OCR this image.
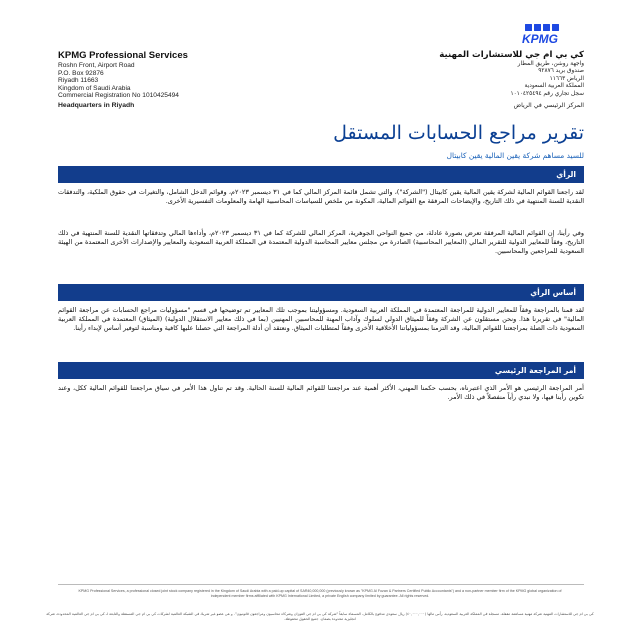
KPMG
KPMG Professional Services
Roshn Front, Airport Road
P.O. Box 92876
Riyadh 11663
Kingdom of Saudi Arabia
Commercial Registration No 1010425494
Headquarters in Riyadh
كي بي ام جي للاستشارات المهنية
واجهة روشن، طريق المطار
صندوق بريد ٩٢٨٧٦
الرياض ١١٦٦٣
المملكة العربية السعودية
سجل تجاري رقم ١٠١٠٤٢٥٤٩٤
المركز الرئيسي في الرياض
تقرير مراجع الحسابات المستقل
للسيد مساهم شركة يقين المالية يقين كابيتال
الرأي

لقد راجعنا القوائم المالية لشركة يقين المالية يقين كابيتال ("الشركة")، والتي تشمل قائمة المركز المالي كما في ٣١ ديسمبر ٢٠٢٣م، وقوائم الدخل الشامل، والتغيرات في حقوق الملكية، والتدفقات النقدية للسنة المنتهية في ذلك التاريخ، والإيضاحات المرفقة مع القوائم المالية، المكونة من ملخص للسياسات المحاسبية الهامة والمعلومات التفسيرية الأخرى.

وفي رأينا، إن القوائم المالية المرفقة تعرض بصورة عادلة، من جميع النواحي الجوهرية، المركز المالي للشركة كما في ٣١ ديسمبر ٢٠٢٣م، وأداءها المالي وتدفقاتها النقدية للسنة المنتهية في ذلك التاريخ، وفقاً للمعايير الدولية للتقرير المالي (المعايير المحاسبية) الصادرة من مجلس معايير المحاسبة الدولية المعتمدة في المملكة العربية السعودية والمعايير والإصدارات الأخرى المعتمدة من الهيئة السعودية للمراجعين والمحاسبين.

أساس الرأي

لقد قمنا بالمراجعة وفقاً للمعايير الدولية للمراجعة المعتمدة في المملكة العربية السعودية. ومسؤوليتنا بموجب تلك المعايير تم توضيحها في قسم "مسؤوليات مراجع الحسابات عن مراجعة القوائم المالية" في تقريرنا هذا. ونحن مستقلون عن الشركة وفقاً للميثاق الدولي لسلوك وآداب المهنة للمحاسبين المهنيين (بما في ذلك معايير الاستقلال الدولية) (الميثاق) المعتمدة في المملكة العربية السعودية ذات الصلة بمراجعتنا للقوائم المالية، وقد التزمنا بمسؤولياتنا الأخلاقية الأخرى وفقاً لمتطلبات الميثاق. ونعتقد أن أدلة المراجعة التي حصلنا عليها كافية ومناسبة لتوفير أساس لإبداء رأينا.

أمر المراجعة الرئيسي

أمر المراجعة الرئيسي هو الأمر الذي اعتبرناه، بحسب حكمنا المهني، الأكثر أهمية عند مراجعتنا للقوائم المالية للسنة الحالية. وقد تم تناول هذا الأمر في سياق مراجعتنا للقوائم المالية ككل، وعند تكوين رأينا فيها، ولا نبدي رأياً منفصلاً في ذلك الأمر.

KPMG Professional Services, a professional closed joint stock company registered in the Kingdom of Saudi Arabia with a paid-up capital of SAR40,000,000 (previously known as "KPMG Al Fozan & Partners Certified Public Accountants") and a non-partner member firm of the KPMG global organization of independent member firms affiliated with KPMG International Limited, a private English company limited by guarantee. All rights reserved.
كي بي ام جي للاستشارات المهنية شركة مهنية مساهمة مقفلة، مسجلة في المملكة العربية السعودية، رأس مالها (٤٠,٠٠٠,٠٠٠) ريال سعودي مدفوع بالكامل، المسماة سابقاً "شركة كي بي ام جي الفوزان وشركاه محاسبون ومراجعون قانونيون". و هي عضو غير شريك في الشبكة العالمية لشركات كي بي ام جي المستقلة والتابعة لـ كي بي ام جي العالمية المحدودة، شركة انجليزية محدودة بضمان. جميع الحقوق محفوظة.
